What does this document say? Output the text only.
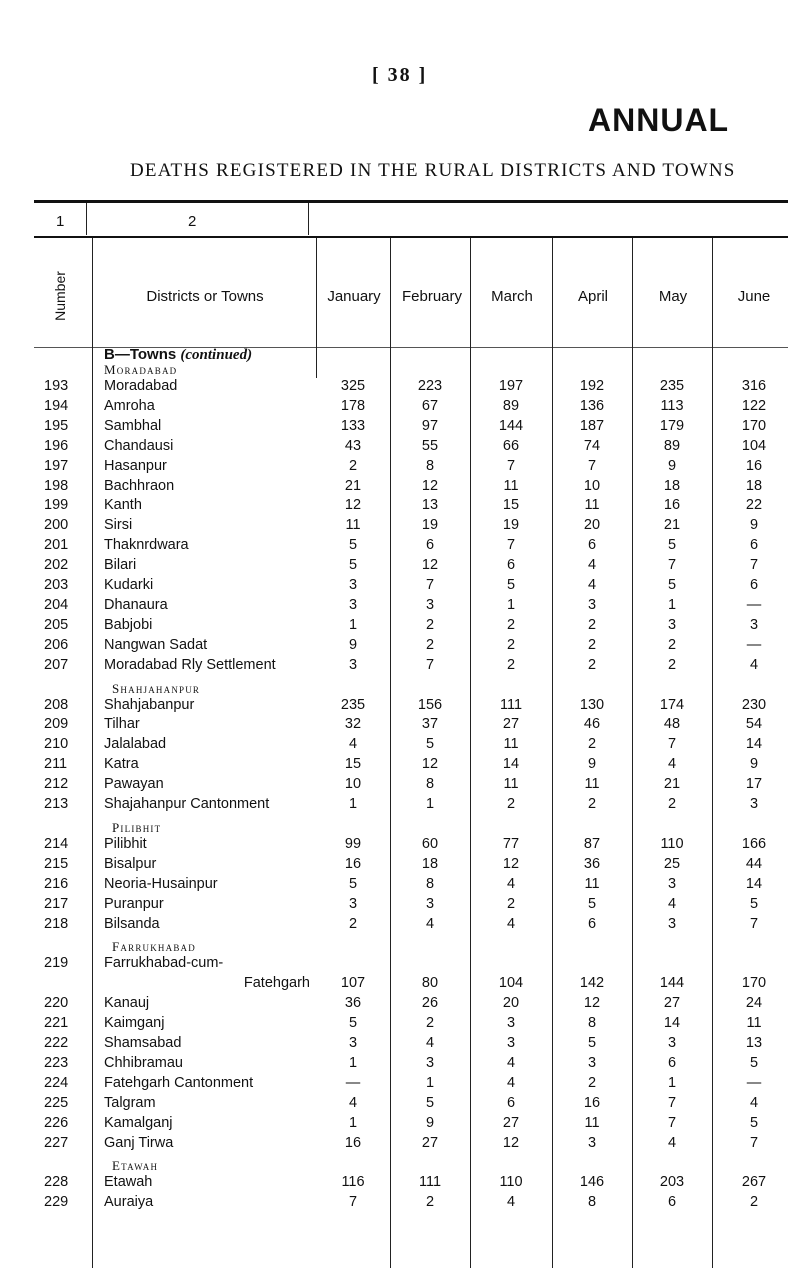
[ 38 ]
ANNUAL
DEATHS REGISTERED IN THE RURAL DISTRICTS AND TOWNS
1	2
Number	Districts or Towns	January	February	March	April	May	June
B—Towns (continued)
Moradabad
193	Moradabad	325	223	197	192	235	316
194	Amroha	178	67	89	136	113	122
195	Sambhal	133	97	144	187	179	170
196	Chandausi	43	55	66	74	89	104
197	Hasanpur	2	8	7	7	9	16
198	Bachhraon	21	12	11	10	18	18
199	Kanth	12	13	15	11	16	22
200	Sirsi	11	19	19	20	21	9
201	Thaknrdwara	5	6	7	6	5	6
202	Bilari	5	12	6	4	7	7
203	Kudarki	3	7	5	4	5	6
204	Dhanaura	3	3	1	3	1	—
205	Babjobi	1	2	2	2	3	3
206	Nangwan Sadat	9	2	2	2	2	—
207	Moradabad Rly Settlement	3	7	2	2	2	4
Shahjahanpur
208	Shahjabanpur	235	156	111	130	174	230
209	Tilhar	32	37	27	46	48	54
210	Jalalabad	4	5	11	2	7	14
211	Katra	15	12	14	9	4	9
212	Pawayan	10	8	11	11	21	17
213	Shajahanpur Cantonment	1	1	2	2	2	3
Pilibhit
214	Pilibhit	99	60	77	87	110	166
215	Bisalpur	16	18	12	36	25	44
216	Neoria-Husainpur	5	8	4	11	3	14
217	Puranpur	3	3	2	5	4	5
218	Bilsanda	2	4	4	6	3	7
Farrukhabad
219	Farrukhabad-cum-
Fatehgarh	107	80	104	142	144	170
220	Kanauj	36	26	20	12	27	24
221	Kaimganj	5	2	3	8	14	11
222	Shamsabad	3	4	3	5	3	13
223	Chhibramau	1	3	4	3	6	5
224	Fatehgarh Cantonment	—	1	4	2	1	—
225	Talgram	4	5	6	16	7	4
226	Kamalganj	1	9	27	11	7	5
227	Ganj Tirwa	16	27	12	3	4	7
Etawah
228	Etawah	116	111	110	146	203	267
229	Auraiya	7	2	4	8	6	2
